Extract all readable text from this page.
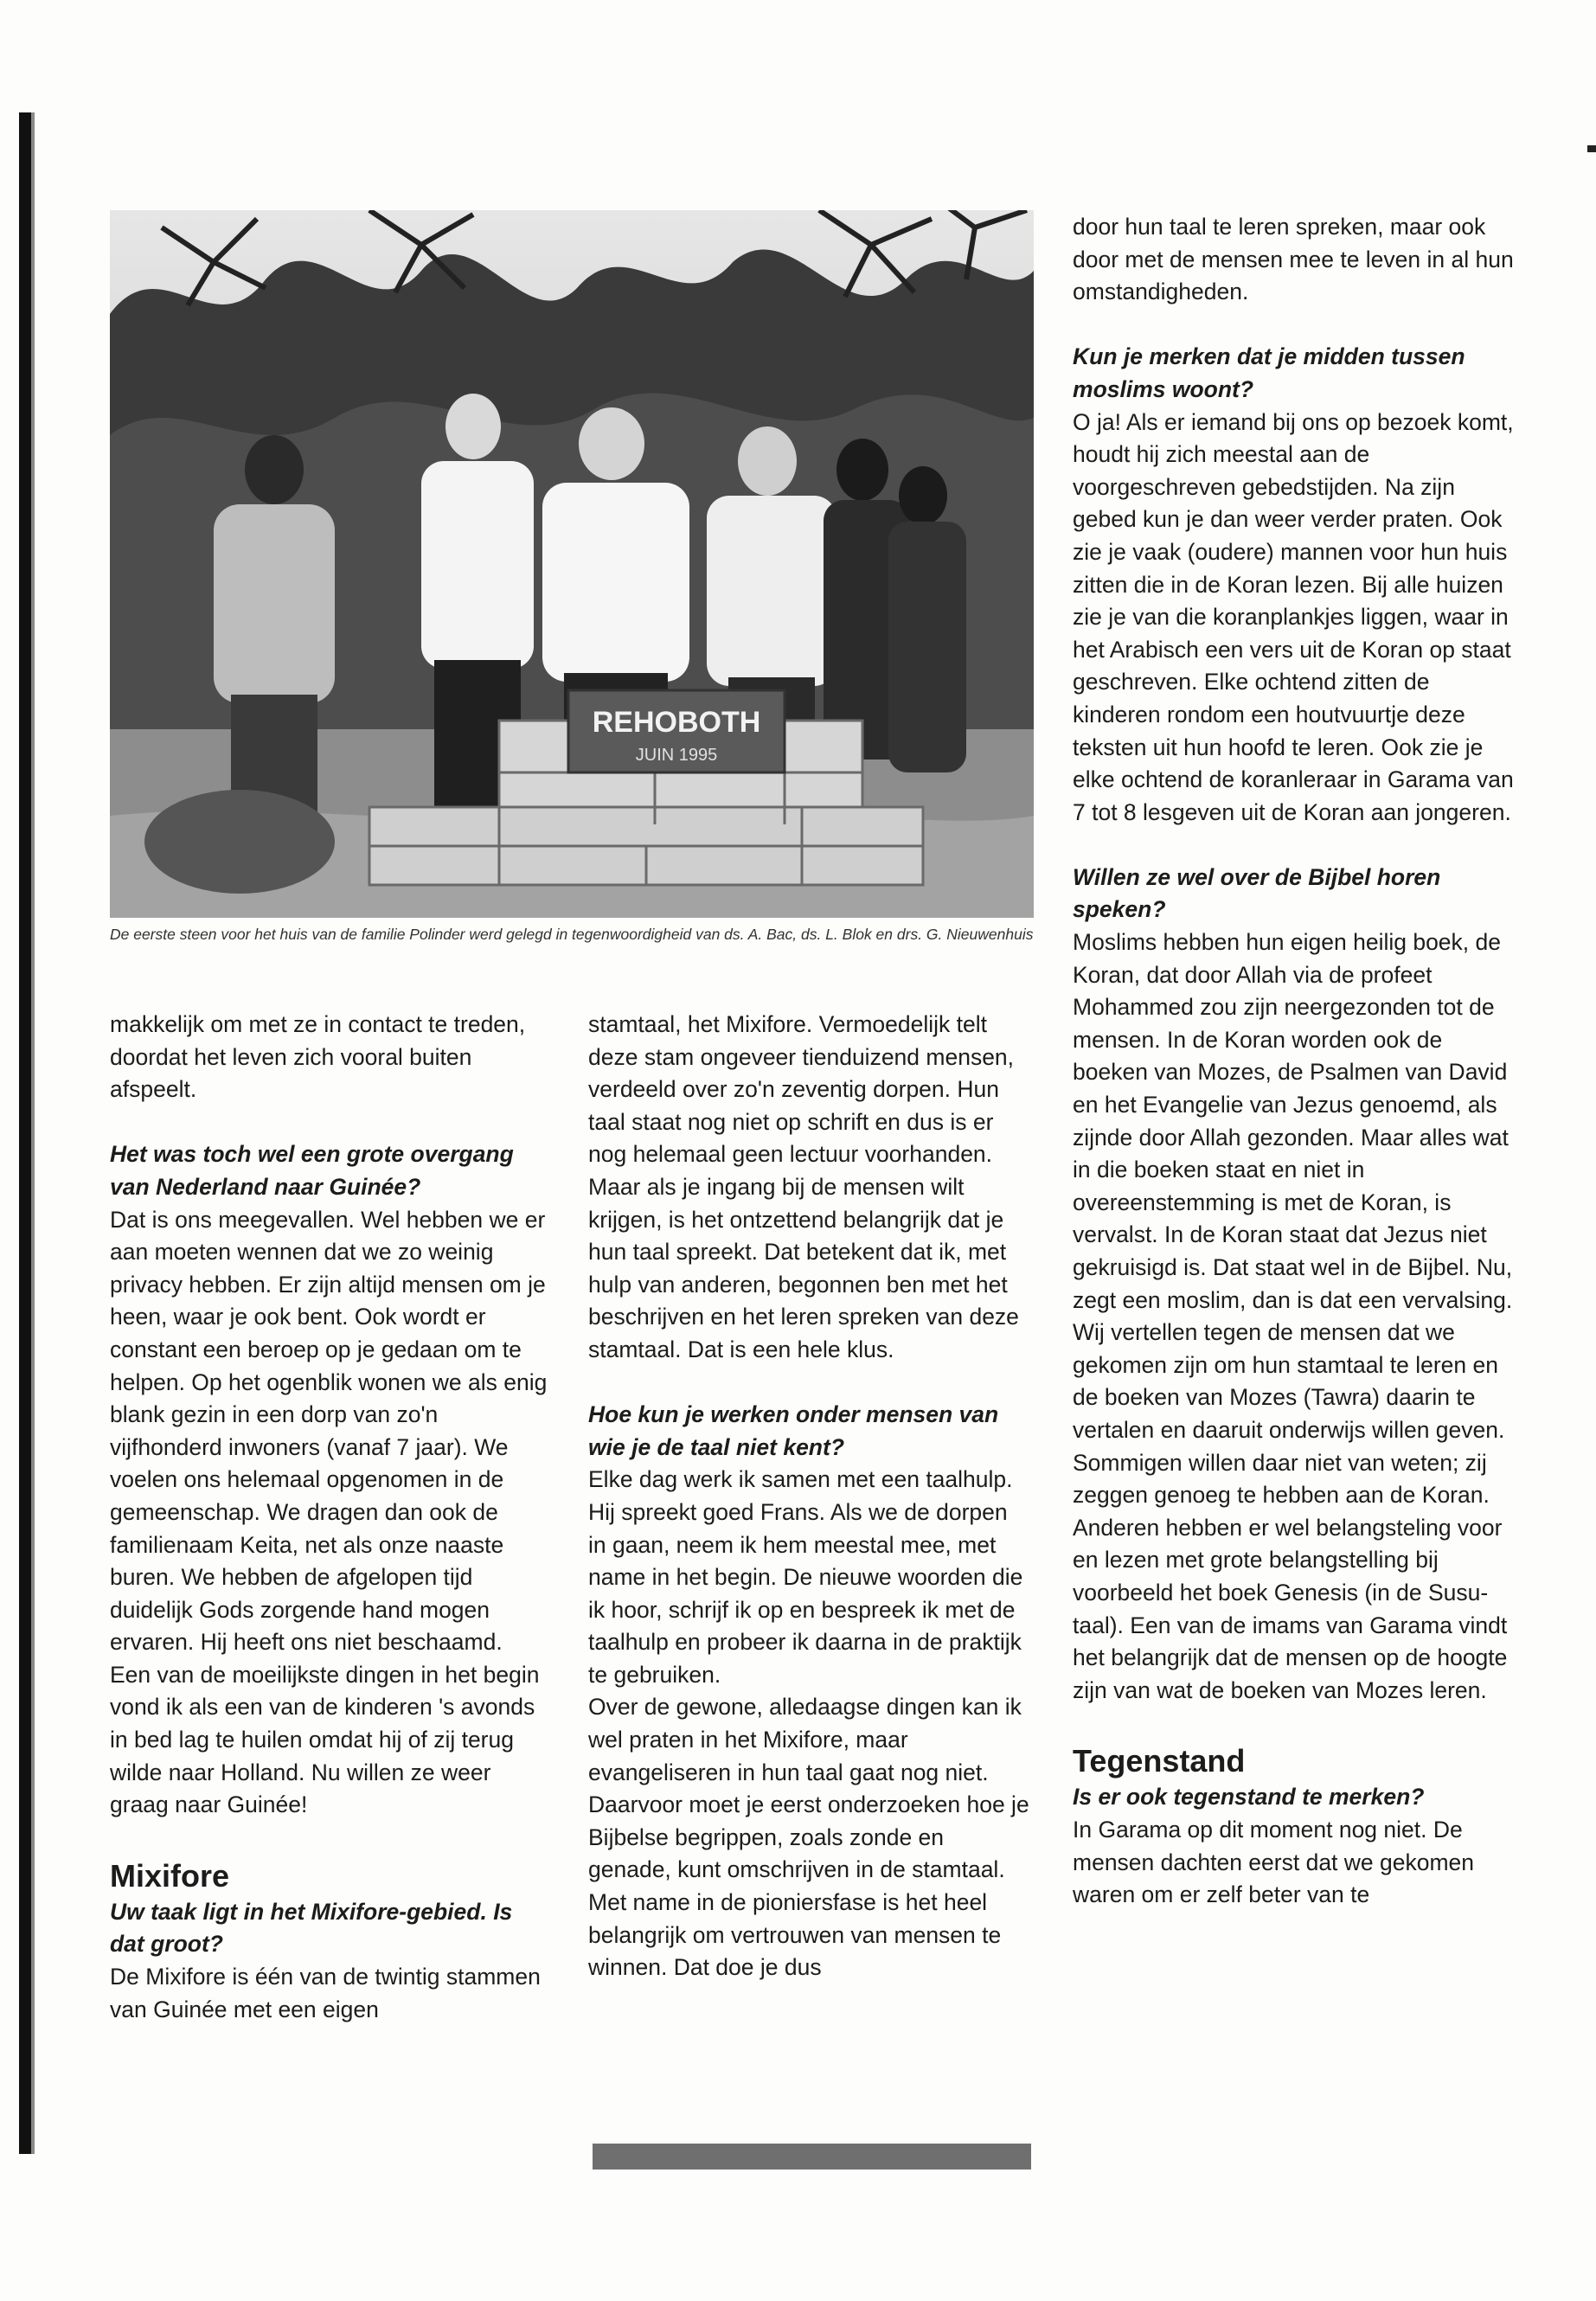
REHOBOTH
JUIN 1995
De eerste steen voor het huis van de familie Polinder werd gelegd in tegenwoordigheid van ds. A. Bac, ds. L. Blok en drs. G. Nieuwenhuis

makkelijk om met ze in contact te treden, doordat het leven zich vooral buiten afspeelt.

Het was toch wel een grote overgang van Nederland naar Guinée?

Dat is ons meegevallen. Wel hebben we er aan moeten wennen dat we zo weinig privacy hebben. Er zijn altijd mensen om je heen, waar je ook bent. Ook wordt er constant een beroep op je gedaan om te helpen. Op het ogenblik wonen we als enig blank gezin in een dorp van zo'n vijfhonderd inwoners (vanaf 7 jaar). We voelen ons helemaal opgenomen in de gemeenschap. We dragen dan ook de familienaam Keita, net als onze naaste buren. We hebben de afgelopen tijd duidelijk Gods zorgende hand mogen ervaren. Hij heeft ons niet beschaamd.

Een van de moeilijkste dingen in het begin vond ik als een van de kinderen 's avonds in bed lag te huilen omdat hij of zij terug wilde naar Holland. Nu willen ze weer graag naar Guinée!

Mixifore

Uw taak ligt in het Mixifore-gebied. Is dat groot?

De Mixifore is één van de twintig stammen van Guinée met een eigen

stamtaal, het Mixifore. Vermoedelijk telt deze stam ongeveer tienduizend mensen, verdeeld over zo'n zeventig dorpen. Hun taal staat nog niet op schrift en dus is er nog helemaal geen lectuur voorhanden. Maar als je ingang bij de mensen wilt krijgen, is het ontzettend belangrijk dat je hun taal spreekt. Dat betekent dat ik, met hulp van anderen, begonnen ben met het beschrijven en het leren spreken van deze stamtaal. Dat is een hele klus.

Hoe kun je werken onder mensen van wie je de taal niet kent?

Elke dag werk ik samen met een taalhulp. Hij spreekt goed Frans. Als we de dorpen in gaan, neem ik hem meestal mee, met name in het begin. De nieuwe woorden die ik hoor, schrijf ik op en bespreek ik met de taalhulp en probeer ik daarna in de praktijk te gebruiken.

Over de gewone, alledaagse dingen kan ik wel praten in het Mixifore, maar evangeliseren in hun taal gaat nog niet. Daarvoor moet je eerst onderzoeken hoe je Bijbelse begrippen, zoals zonde en genade, kunt omschrijven in de stamtaal.

Met name in de pioniersfase is het heel belangrijk om vertrouwen van mensen te winnen. Dat doe je dus

door hun taal te leren spreken, maar ook door met de mensen mee te leven in al hun omstandigheden.

Kun je merken dat je midden tussen moslims woont?

O ja! Als er iemand bij ons op bezoek komt, houdt hij zich meestal aan de voorgeschreven gebedstijden. Na zijn gebed kun je dan weer verder praten. Ook zie je vaak (oudere) mannen voor hun huis zitten die in de Koran lezen. Bij alle huizen zie je van die koranplankjes liggen, waar in het Arabisch een vers uit de Koran op staat geschreven. Elke ochtend zitten de kinderen rondom een houtvuurtje deze teksten uit hun hoofd te leren. Ook zie je elke ochtend de koranleraar in Garama van 7 tot 8 lesgeven uit de Koran aan jongeren.

Willen ze wel over de Bijbel horen speken?

Moslims hebben hun eigen heilig boek, de Koran, dat door Allah via de profeet Mohammed zou zijn neergezonden tot de mensen. In de Koran worden ook de boeken van Mozes, de Psalmen van David en het Evangelie van Jezus genoemd, als zijnde door Allah gezonden. Maar alles wat in die boeken staat en niet in overeenstemming is met de Koran, is vervalst. In de Koran staat dat Jezus niet gekruisigd is. Dat staat wel in de Bijbel. Nu, zegt een moslim, dan is dat een vervalsing.

Wij vertellen tegen de mensen dat we gekomen zijn om hun stamtaal te leren en de boeken van Mozes (Tawra) daarin te vertalen en daaruit onderwijs willen geven. Sommigen willen daar niet van weten; zij zeggen genoeg te hebben aan de Koran. Anderen hebben er wel belangsteling voor en lezen met grote belangstelling bij voorbeeld het boek Genesis (in de Susu-taal). Een van de imams van Garama vindt het belangrijk dat de mensen op de hoogte zijn van wat de boeken van Mozes leren.

Tegenstand

Is er ook tegenstand te merken?

In Garama op dit moment nog niet. De mensen dachten eerst dat we gekomen waren om er zelf beter van te
